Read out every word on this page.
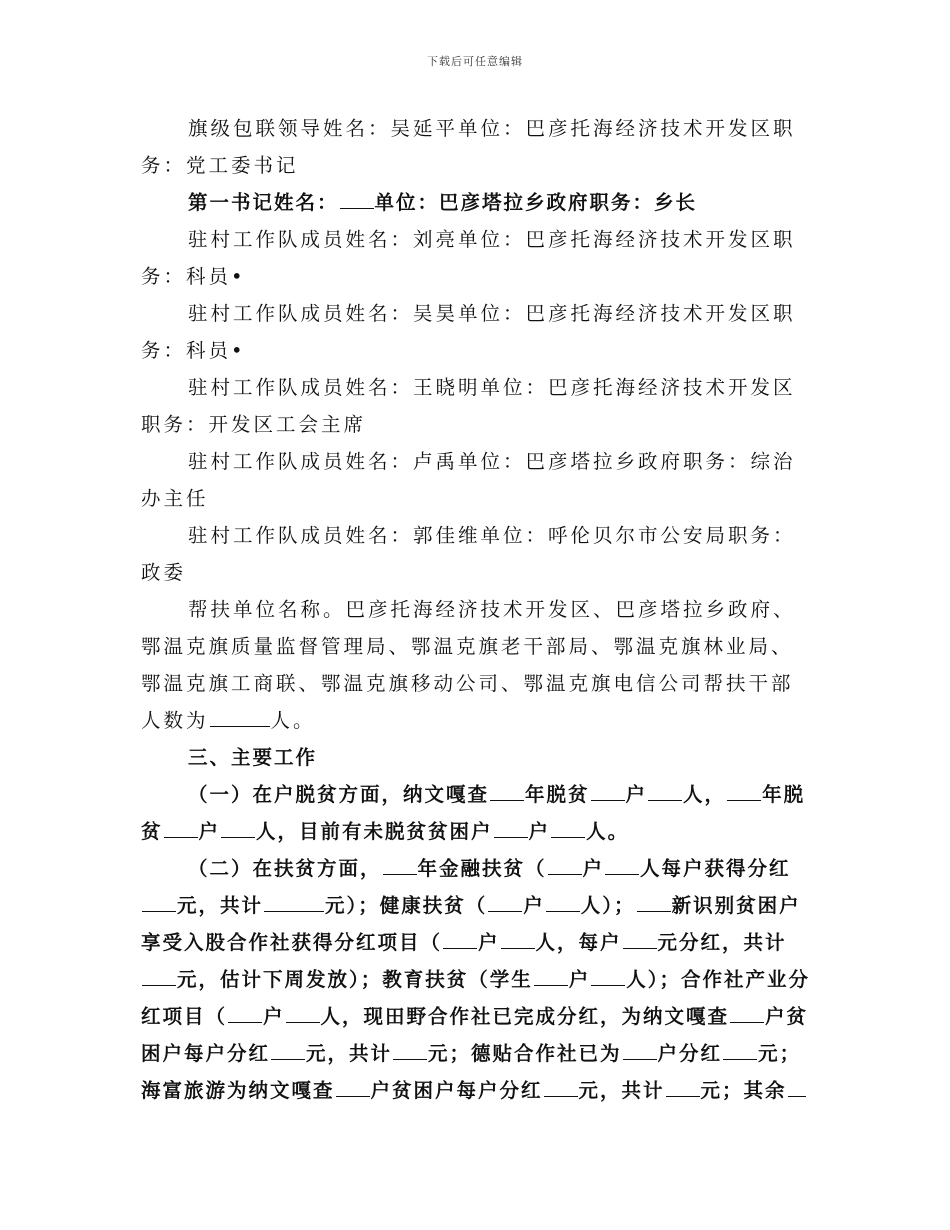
下载后可任意编辑

旗级包联领导姓名：吴延平单位：巴彦托海经济技术开发区职务：党工委书记

第一书记姓名： 单位：巴彦塔拉乡政府职务：乡长

驻村工作队成员姓名：刘亮单位：巴彦托海经济技术开发区职务：科员•

驻村工作队成员姓名：吴昊单位：巴彦托海经济技术开发区职务：科员•

驻村工作队成员姓名：王晓明单位：巴彦托海经济技术开发区职务：开发区工会主席

驻村工作队成员姓名：卢禹单位：巴彦塔拉乡政府职务：综治办主任

驻村工作队成员姓名：郭佳维单位：呼伦贝尔市公安局职务：政委

帮扶单位名称。巴彦托海经济技术开发区、巴彦塔拉乡政府、鄂温克旗质量监督管理局、鄂温克旗老干部局、鄂温克旗林业局、鄂温克旗工商联、鄂温克旗移动公司、鄂温克旗电信公司帮扶干部人数为	人。

三、主要工作

（一）在户脱贫方面，纳文嘎查 年脱贫 户 人， 年脱贫 户 人，目前有未脱贫贫困户 户 人。

（二）在扶贫方面， 年金融扶贫（ 户 人每户获得分红元，共计	元）；健康扶贫（ 户 人）； 新识别贫困户享受入股合作社获得分红项目（ 户 人，每户 元分红，共计元，估计下周发放）；教育扶贫（学生 户 人）；合作社产业分红项目（ 户 人，现田野合作社已完成分红，为纳文嘎查 户贫困户每户分红 元，共计 元；德贴合作社已为 户分红 元；海富旅游为纳文嘎查 户贫困户每户分红 元，共计 元；其余
